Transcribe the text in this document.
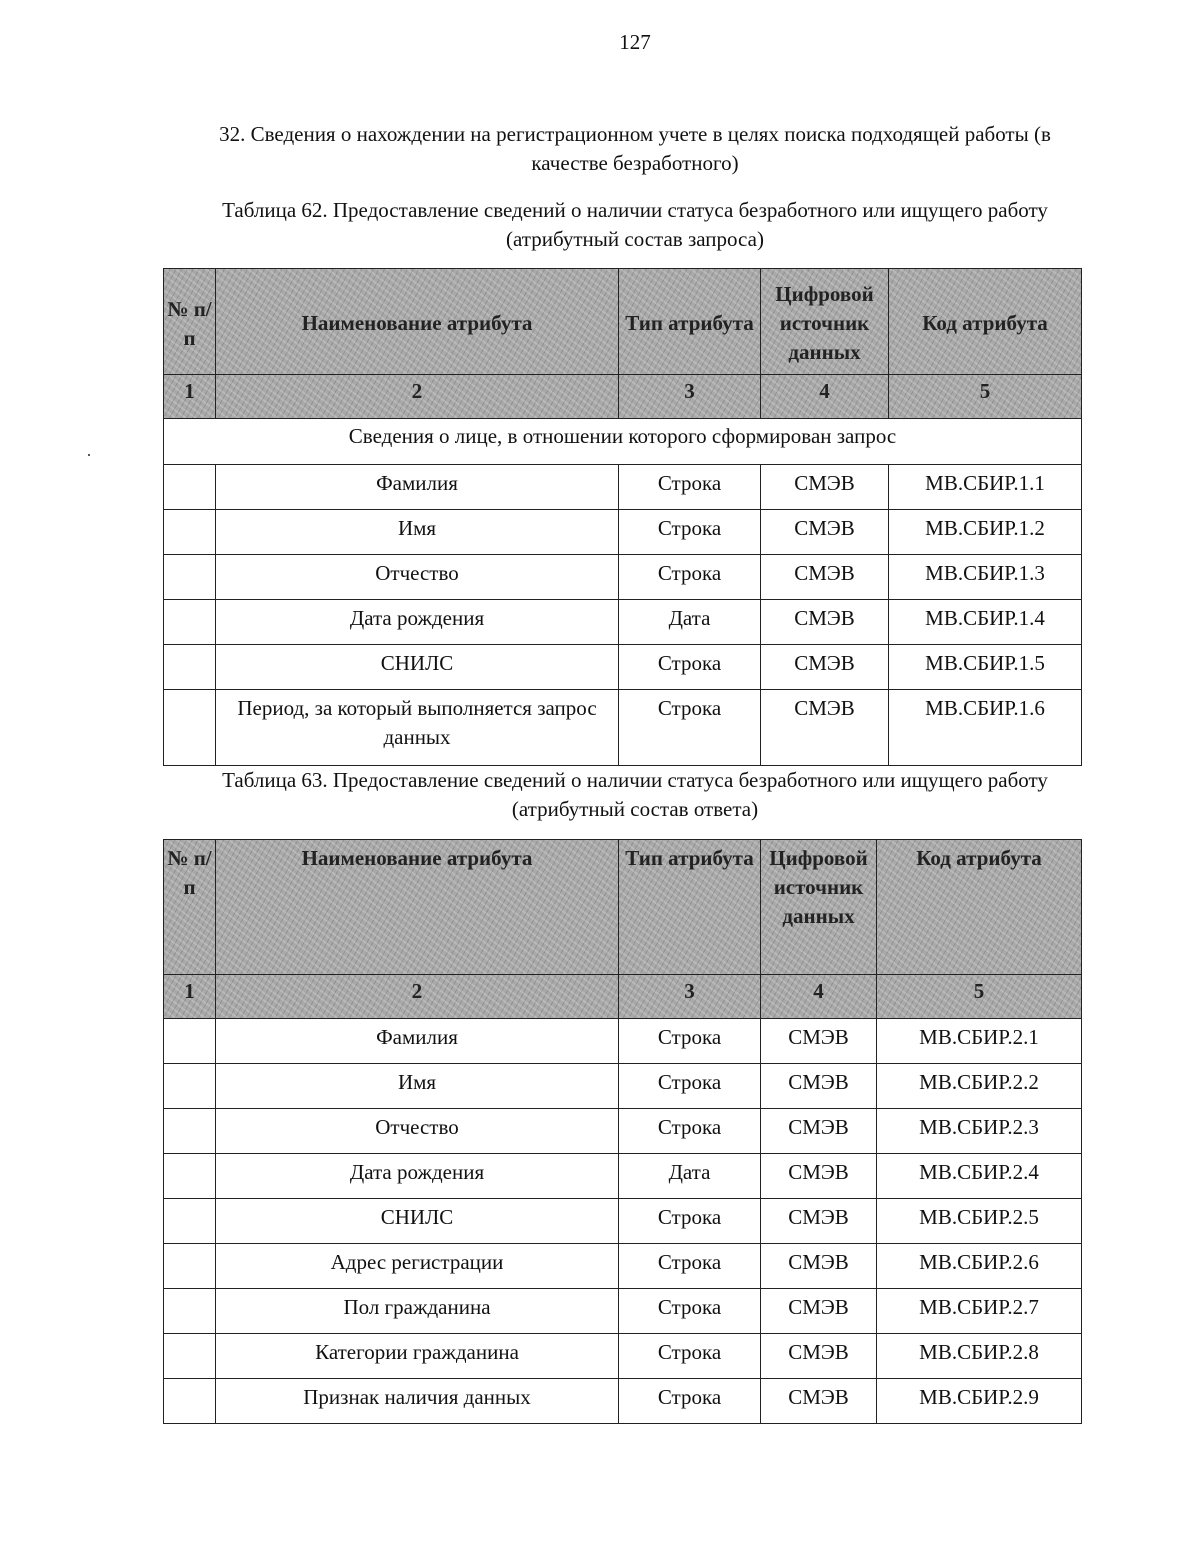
127
32. Сведения о нахождении на регистрационном учете в целях поиска подходящей работы (в качестве безработного)
Таблица 62. Предоставление сведений о наличии статуса безработного или ищущего работу (атрибутный состав запроса)
№ п/п	Наименование атрибута	Тип атрибута	Цифровой источник данных	Код атрибута
1	2	3	4	5
Сведения о лице, в отношении которого сформирован запрос				
	Фамилия	Строка	СМЭВ	МВ.СБИР.1.1
	Имя	Строка	СМЭВ	МВ.СБИР.1.2
	Отчество	Строка	СМЭВ	МВ.СБИР.1.3
	Дата рождения	Дата	СМЭВ	МВ.СБИР.1.4
	СНИЛС	Строка	СМЭВ	МВ.СБИР.1.5
	Период, за который выполняется запрос данных	Строка	СМЭВ	МВ.СБИР.1.6
Таблица 63. Предоставление сведений о наличии статуса безработного или ищущего работу (атрибутный состав ответа)
№ п/п	Наименование атрибута	Тип атрибута	Цифровой источник данных	Код атрибута
1	2	3	4	5
	Фамилия	Строка	СМЭВ	МВ.СБИР.2.1
	Имя	Строка	СМЭВ	МВ.СБИР.2.2
	Отчество	Строка	СМЭВ	МВ.СБИР.2.3
	Дата рождения	Дата	СМЭВ	МВ.СБИР.2.4
	СНИЛС	Строка	СМЭВ	МВ.СБИР.2.5
	Адрес регистрации	Строка	СМЭВ	МВ.СБИР.2.6
	Пол гражданина	Строка	СМЭВ	МВ.СБИР.2.7
	Категории гражданина	Строка	СМЭВ	МВ.СБИР.2.8
	Признак наличия данных	Строка	СМЭВ	МВ.СБИР.2.9
